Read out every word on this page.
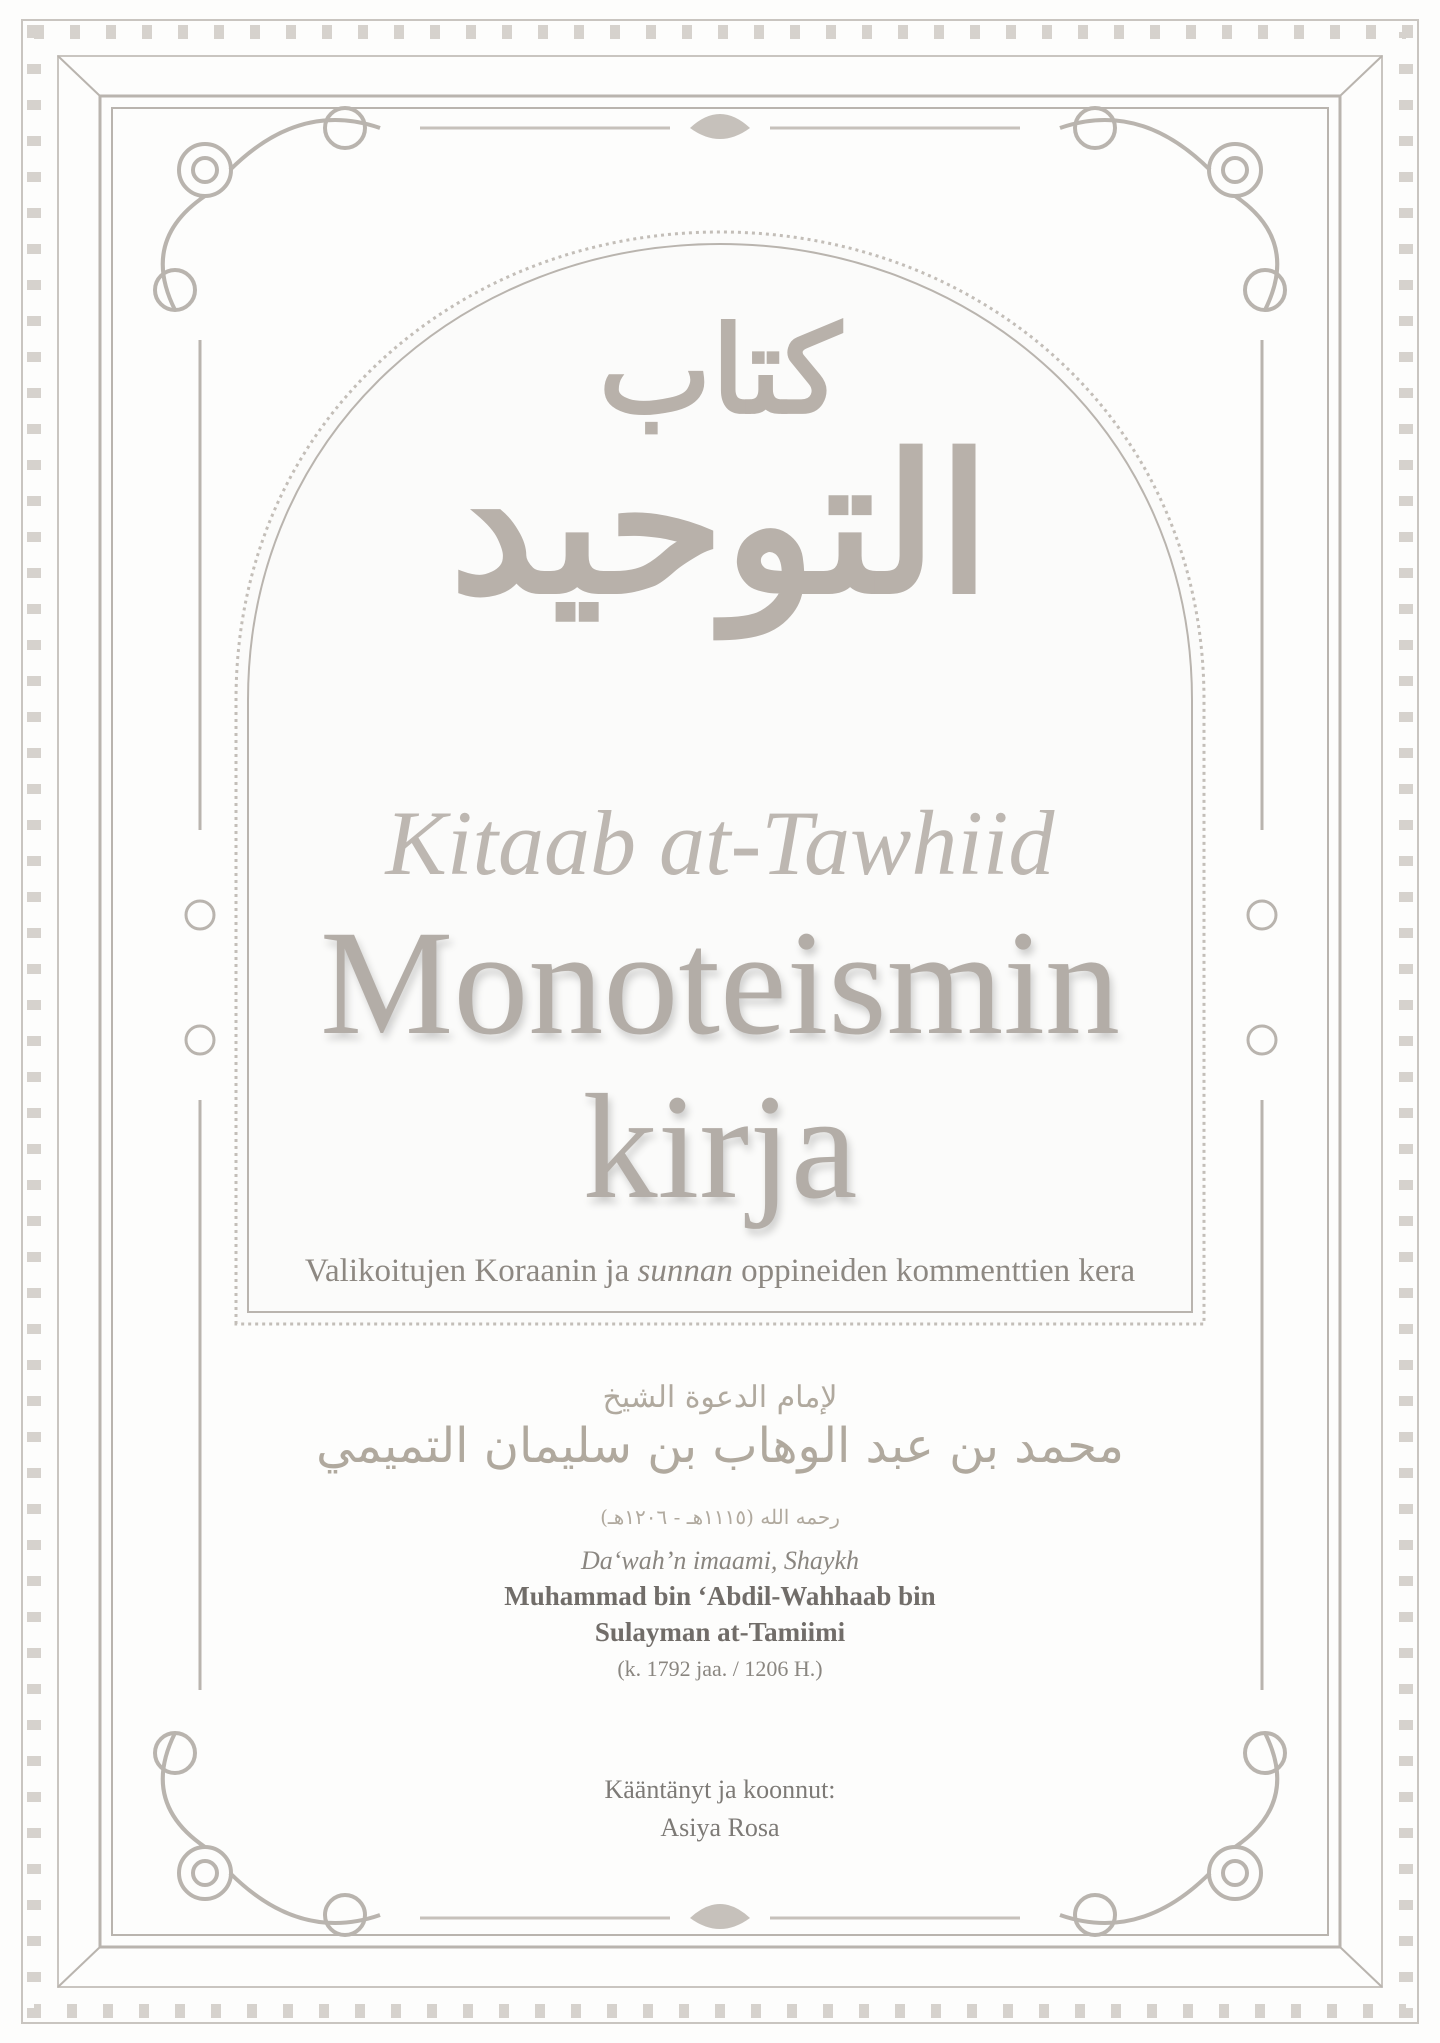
كتاب
التوحيد
Kitaab at-Tawhiid
Monoteismin
kirja
Valikoitujen Koraanin ja sunnan oppineiden kommenttien kera
لإمام الدعوة الشيخ
محمد بن عبد الوهاب بن سليمان التميمي
رحمه الله (١١١٥هـ - ١٢٠٦هـ)
Da‘wah’n imaami, Shaykh
Muhammad bin ‘Abdil-Wahhaab bin
Sulayman at-Tamiimi
(k. 1792 jaa. / 1206 H.)
Kääntänyt ja koonnut:
Asiya Rosa
